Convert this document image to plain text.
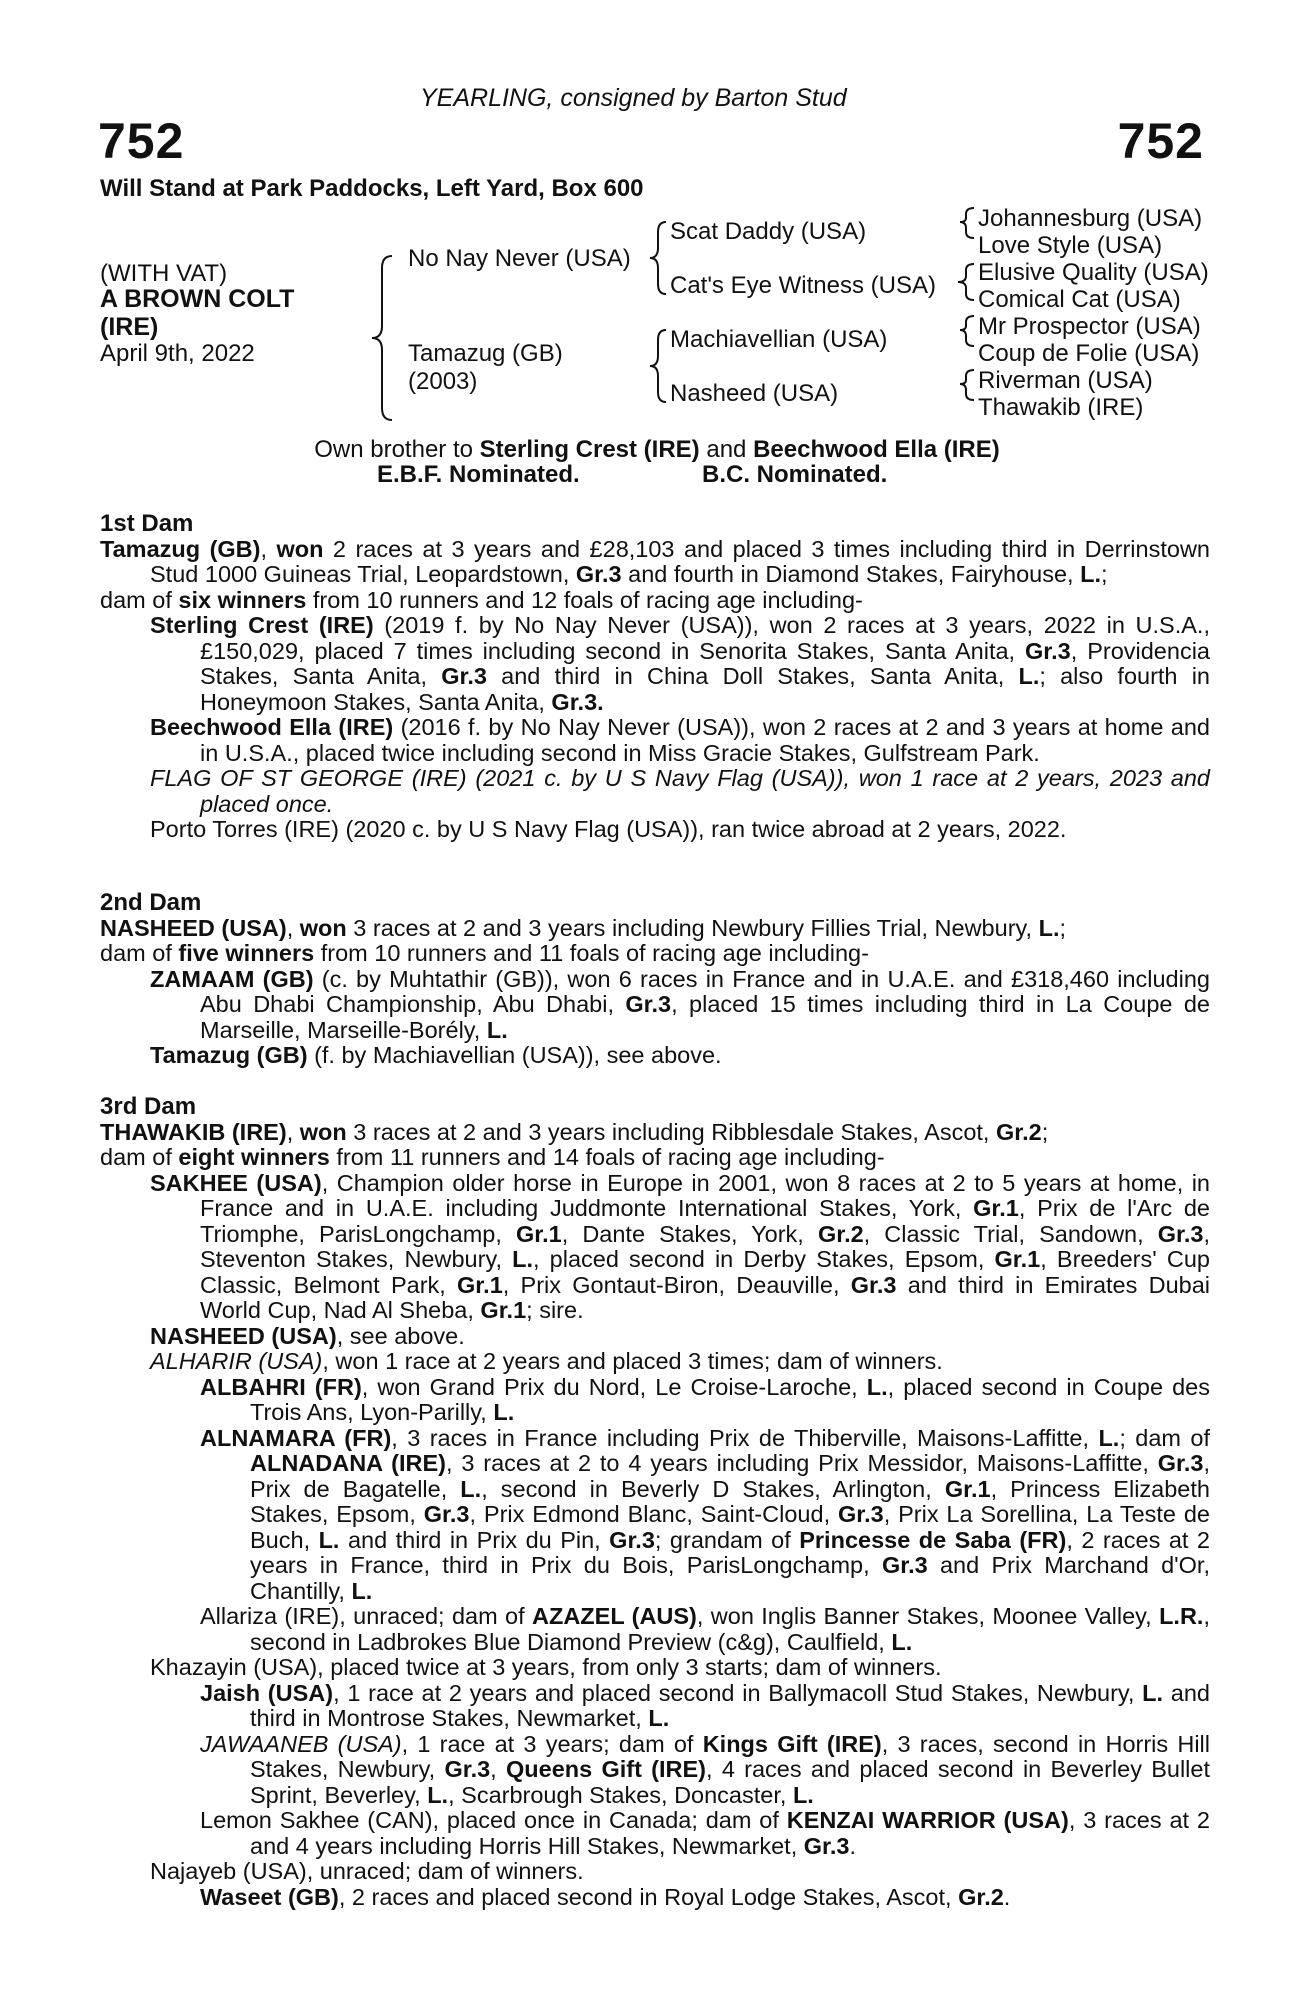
YEARLING, consigned by Barton Stud
752	752
Will Stand at Park Paddocks, Left Yard, Box 600
(WITH VAT)
A BROWN COLT
(IRE)
April 9th, 2022
No Nay Never (USA)
Tamazug (GB)
(2003)
Scat Daddy (USA)
Cat's Eye Witness (USA)
Machiavellian (USA)
Nasheed (USA)
Johannesburg (USA)
Love Style (USA)
Elusive Quality (USA)
Comical Cat (USA)
Mr Prospector (USA)
Coup de Folie (USA)
Riverman (USA)
Thawakib (IRE)
Own brother to Sterling Crest (IRE) and Beechwood Ella (IRE)
E.B.F. Nominated.	B.C. Nominated.
1st Dam
Tamazug (GB), won 2 races at 3 years and £28,103 and placed 3 times including third in Derrinstown Stud 1000 Guineas Trial, Leopardstown, Gr.3 and fourth in Diamond Stakes, Fairyhouse, L.;
dam of six winners from 10 runners and 12 foals of racing age including-
Sterling Crest (IRE) (2019 f. by No Nay Never (USA)), won 2 races at 3 years, 2022 in U.S.A., £150,029, placed 7 times including second in Senorita Stakes, Santa Anita, Gr.3, Providencia Stakes, Santa Anita, Gr.3 and third in China Doll Stakes, Santa Anita, L.; also fourth in Honeymoon Stakes, Santa Anita, Gr.3.
Beechwood Ella (IRE) (2016 f. by No Nay Never (USA)), won 2 races at 2 and 3 years at home and in U.S.A., placed twice including second in Miss Gracie Stakes, Gulfstream Park.
FLAG OF ST GEORGE (IRE) (2021 c. by U S Navy Flag (USA)), won 1 race at 2 years, 2023 and placed once.
Porto Torres (IRE) (2020 c. by U S Navy Flag (USA)), ran twice abroad at 2 years, 2022.
2nd Dam
NASHEED (USA), won 3 races at 2 and 3 years including Newbury Fillies Trial, Newbury, L.;
dam of five winners from 10 runners and 11 foals of racing age including-
ZAMAAM (GB) (c. by Muhtathir (GB)), won 6 races in France and in U.A.E. and £318,460 including Abu Dhabi Championship, Abu Dhabi, Gr.3, placed 15 times including third in La Coupe de Marseille, Marseille-Borély, L.
Tamazug (GB) (f. by Machiavellian (USA)), see above.
3rd Dam
THAWAKIB (IRE), won 3 races at 2 and 3 years including Ribblesdale Stakes, Ascot, Gr.2;
dam of eight winners from 11 runners and 14 foals of racing age including-
SAKHEE (USA), Champion older horse in Europe in 2001, won 8 races at 2 to 5 years at home, in France and in U.A.E. including Juddmonte International Stakes, York, Gr.1, Prix de l'Arc de Triomphe, ParisLongchamp, Gr.1, Dante Stakes, York, Gr.2, Classic Trial, Sandown, Gr.3, Steventon Stakes, Newbury, L., placed second in Derby Stakes, Epsom, Gr.1, Breeders' Cup Classic, Belmont Park, Gr.1, Prix Gontaut-Biron, Deauville, Gr.3 and third in Emirates Dubai World Cup, Nad Al Sheba, Gr.1; sire.
NASHEED (USA), see above.
ALHARIR (USA), won 1 race at 2 years and placed 3 times; dam of winners.
ALBAHRI (FR), won Grand Prix du Nord, Le Croise-Laroche, L., placed second in Coupe des Trois Ans, Lyon-Parilly, L.
ALNAMARA (FR), 3 races in France including Prix de Thiberville, Maisons-Laffitte, L.; dam of ALNADANA (IRE), 3 races at 2 to 4 years including Prix Messidor, Maisons-Laffitte, Gr.3, Prix de Bagatelle, L., second in Beverly D Stakes, Arlington, Gr.1, Princess Elizabeth Stakes, Epsom, Gr.3, Prix Edmond Blanc, Saint-Cloud, Gr.3, Prix La Sorellina, La Teste de Buch, L. and third in Prix du Pin, Gr.3; grandam of Princesse de Saba (FR), 2 races at 2 years in France, third in Prix du Bois, ParisLongchamp, Gr.3 and Prix Marchand d'Or, Chantilly, L.
Allariza (IRE), unraced; dam of AZAZEL (AUS), won Inglis Banner Stakes, Moonee Valley, L.R., second in Ladbrokes Blue Diamond Preview (c&g), Caulfield, L.
Khazayin (USA), placed twice at 3 years, from only 3 starts; dam of winners.
Jaish (USA), 1 race at 2 years and placed second in Ballymacoll Stud Stakes, Newbury, L. and third in Montrose Stakes, Newmarket, L.
JAWAANEB (USA), 1 race at 3 years; dam of Kings Gift (IRE), 3 races, second in Horris Hill Stakes, Newbury, Gr.3, Queens Gift (IRE), 4 races and placed second in Beverley Bullet Sprint, Beverley, L., Scarbrough Stakes, Doncaster, L.
Lemon Sakhee (CAN), placed once in Canada; dam of KENZAI WARRIOR (USA), 3 races at 2 and 4 years including Horris Hill Stakes, Newmarket, Gr.3.
Najayeb (USA), unraced; dam of winners.
Waseet (GB), 2 races and placed second in Royal Lodge Stakes, Ascot, Gr.2.
